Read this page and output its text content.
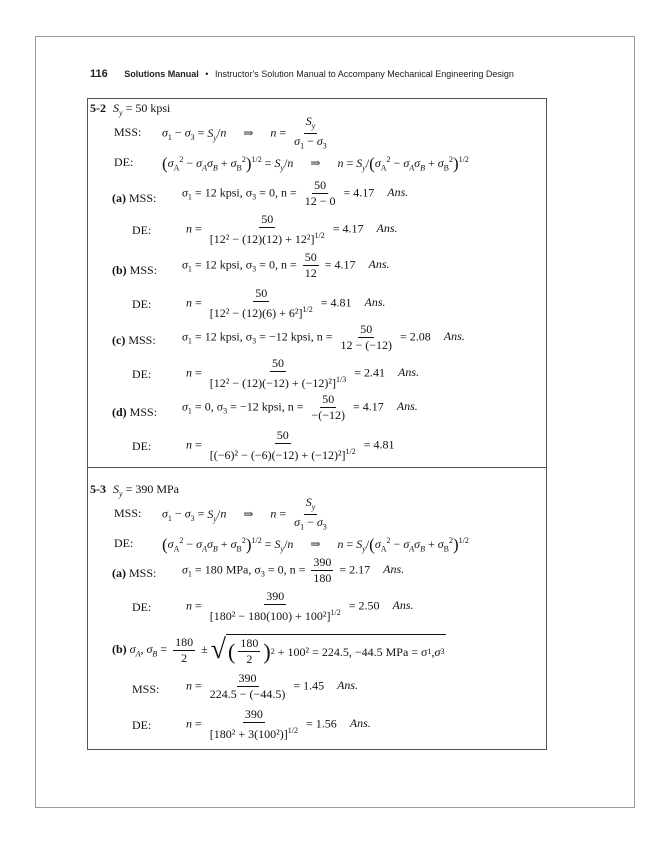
116 Solutions Manual • Instructor's Solution Manual to Accompany Mechanical Engineering Design
5-2 $S_y = 50$ kpsi
MSS: $\sigma_1 - \sigma_3 = S_y/n$ ⇒ $n = \frac{S_y}{\sigma_1 - \sigma_3}$
DE: $(\sigma_A^2 - \sigma_A\sigma_B + \sigma_B^2)^{1/2} = S_y/n$ ⇒ $n = S_y/(\sigma_A^2 - \sigma_A\sigma_B + \sigma_B^2)^{1/2}$
(a) MSS: $\sigma_1 = 12$ kpsi, $\sigma_3 = 0$, $n = \frac{50}{12 - 0} = 4.17$ Ans.
DE:	$n = \frac{50}{[12^2 - (12)(12) + 12^2]^{1/2}} = 4.17$ Ans.
(b) MSS: $\sigma_1 = 12$ kpsi, $\sigma_3 = 0$, $n = \frac{50}{12} = 4.17$ Ans.
DE:	$n = \frac{50}{[12^2 - (12)(6) + 6^2]^{1/2}} = 4.81$ Ans.
(c) MSS: $\sigma_1 = 12$ kpsi, $\sigma_3 = -12$ kpsi, $n = \frac{50}{12 - (-12)} = 2.08$ Ans.
DE:	$n = \frac{50}{[12^2 - (12)(-12) + (-12)^2]^{1/3}} = 2.41$ Ans.
(d) MSS: $\sigma_1 = 0$, $\sigma_3 = -12$ kpsi, $n = \frac{50}{-(-12)} = 4.17$ Ans.
DE:	$n = \frac{50}{[(-6)^2 - (-6)(-12) + (-12)^2]^{1/2}} = 4.81$
5-3 $S_y = 390$ MPa
MSS: $\sigma_1 - \sigma_3 = S_y/n$ ⇒ $n = \frac{S_y}{\sigma_1 - \sigma_3}$
DE: $(\sigma_A^2 - \sigma_A\sigma_B + \sigma_B^2)^{1/2} = S_y/n$ ⇒ $n = S_y/(\sigma_A^2 - \sigma_A\sigma_B + \sigma_B^2)^{1/2}$
(a) MSS: $\sigma_1 = 180$ MPa, $\sigma_3 = 0$, $n = \frac{390}{180} = 2.17$ Ans.
DE:	$n = \frac{390}{[180^2 - 180(100) + 100^2]^{1/2}} = 2.50$ Ans.
(b) $\sigma_A$, $\sigma_B = \frac{180}{2}$ ± √ ( $\frac{180}{2}$ ) 2
+ 100² = 224.5, −44.5 MPa = σ 1 , σ 3
MSS: $n = \frac{390}{224.5 - (-44.5)} = 1.45$ Ans.
DE:	$n = \frac{390}{[180^2 + 3(100^2)]^{1/2}} = 1.56$ Ans.
